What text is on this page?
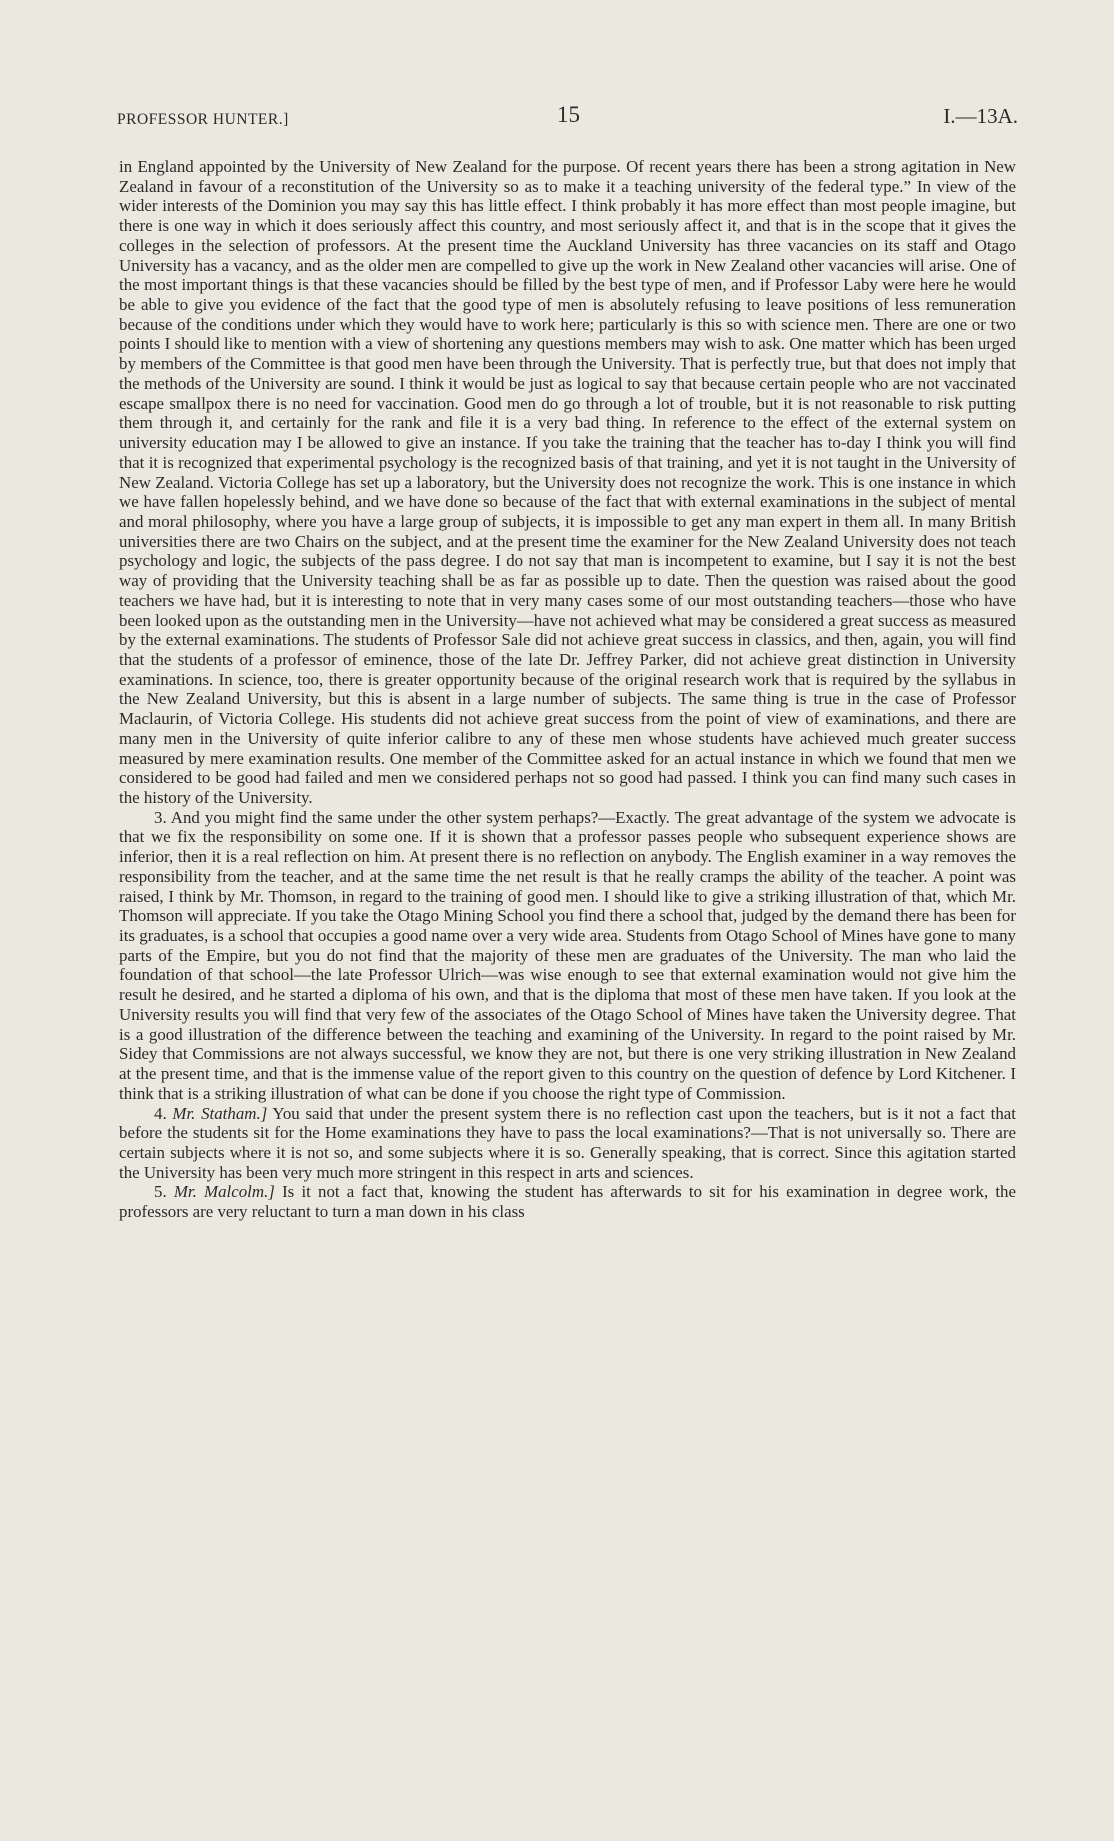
PROFESSOR HUNTER.]	15	I.—13A.

in England appointed by the University of New Zealand for the purpose. Of recent years there has been a strong agitation in New Zealand in favour of a reconstitution of the University so as to make it a teaching university of the federal type.” In view of the wider interests of the Dominion you may say this has little effect. I think probably it has more effect than most people imagine, but there is one way in which it does seriously affect this country, and most seriously affect it, and that is in the scope that it gives the colleges in the selection of professors. At the present time the Auckland University has three vacancies on its staff and Otago University has a vacancy, and as the older men are compelled to give up the work in New Zealand other vacancies will arise. One of the most important things is that these vacancies should be filled by the best type of men, and if Professor Laby were here he would be able to give you evidence of the fact that the good type of men is absolutely refusing to leave positions of less remuneration because of the conditions under which they would have to work here; particularly is this so with science men. There are one or two points I should like to mention with a view of shortening any questions members may wish to ask. One matter which has been urged by members of the Committee is that good men have been through the University. That is perfectly true, but that does not imply that the methods of the University are sound. I think it would be just as logical to say that because certain people who are not vaccinated escape smallpox there is no need for vaccination. Good men do go through a lot of trouble, but it is not reasonable to risk putting them through it, and certainly for the rank and file it is a very bad thing. In reference to the effect of the external system on university education may I be allowed to give an instance. If you take the training that the teacher has to-day I think you will find that it is recognized that experimental psychology is the recognized basis of that training, and yet it is not taught in the University of New Zealand. Victoria College has set up a laboratory, but the University does not recognize the work. This is one instance in which we have fallen hopelessly behind, and we have done so because of the fact that with external examinations in the subject of mental and moral philosophy, where you have a large group of subjects, it is impossible to get any man expert in them all. In many British universities there are two Chairs on the subject, and at the present time the examiner for the New Zealand University does not teach psychology and logic, the subjects of the pass degree. I do not say that man is incompetent to examine, but I say it is not the best way of providing that the University teaching shall be as far as possible up to date. Then the question was raised about the good teachers we have had, but it is interesting to note that in very many cases some of our most outstanding teachers—those who have been looked upon as the outstanding men in the University—have not achieved what may be considered a great success as measured by the external examinations. The students of Professor Sale did not achieve great success in classics, and then, again, you will find that the students of a professor of eminence, those of the late Dr. Jeffrey Parker, did not achieve great distinction in University examinations. In science, too, there is greater opportunity because of the original research work that is required by the syllabus in the New Zealand University, but this is absent in a large number of subjects. The same thing is true in the case of Professor Maclaurin, of Victoria College. His students did not achieve great success from the point of view of examinations, and there are many men in the University of quite inferior calibre to any of these men whose students have achieved much greater success measured by mere examination results. One member of the Committee asked for an actual instance in which we found that men we considered to be good had failed and men we considered perhaps not so good had passed. I think you can find many such cases in the history of the University.

3. And you might find the same under the other system perhaps?—Exactly. The great advantage of the system we advocate is that we fix the responsibility on some one. If it is shown that a professor passes people who subsequent experience shows are inferior, then it is a real reflection on him. At present there is no reflection on anybody. The English examiner in a way removes the responsibility from the teacher, and at the same time the net result is that he really cramps the ability of the teacher. A point was raised, I think by Mr. Thomson, in regard to the training of good men. I should like to give a striking illustration of that, which Mr. Thomson will appreciate. If you take the Otago Mining School you find there a school that, judged by the demand there has been for its graduates, is a school that occupies a good name over a very wide area. Students from Otago School of Mines have gone to many parts of the Empire, but you do not find that the majority of these men are graduates of the University. The man who laid the foundation of that school—the late Professor Ulrich—was wise enough to see that external examination would not give him the result he desired, and he started a diploma of his own, and that is the diploma that most of these men have taken. If you look at the University results you will find that very few of the associates of the Otago School of Mines have taken the University degree. That is a good illustration of the difference between the teaching and examining of the University. In regard to the point raised by Mr. Sidey that Commissions are not always successful, we know they are not, but there is one very striking illustration in New Zealand at the present time, and that is the immense value of the report given to this country on the question of defence by Lord Kitchener. I think that is a striking illustration of what can be done if you choose the right type of Commission.

4. Mr. Statham.] You said that under the present system there is no reflection cast upon the teachers, but is it not a fact that before the students sit for the Home examinations they have to pass the local examinations?—That is not universally so. There are certain subjects where it is not so, and some subjects where it is so. Generally speaking, that is correct. Since this agitation started the University has been very much more stringent in this respect in arts and sciences.

5. Mr. Malcolm.] Is it not a fact that, knowing the student has afterwards to sit for his examination in degree work, the professors are very reluctant to turn a man down in his class
